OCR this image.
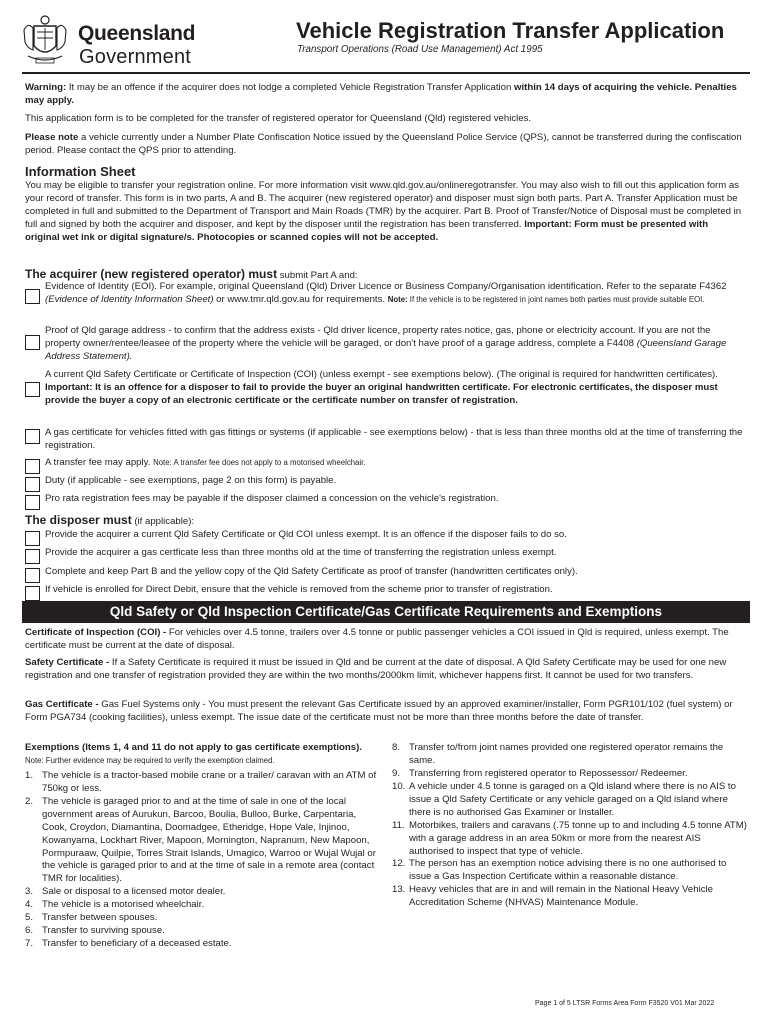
Queensland
Government
Vehicle Registration Transfer Application
Transport Operations (Road Use Management) Act 1995

Warning: It may be an offence if the acquirer does not lodge a completed Vehicle Registration Transfer Application within 14 days of acquiring the vehicle. Penalties may apply.

This application form is to be completed for the transfer of registered operator for Queensland (Qld) registered vehicles.

Please note a vehicle currently under a Number Plate Confiscation Notice issued by the Queensland Police Service (QPS), cannot be transferred during the confiscation period. Please contact the QPS prior to attending.

Information Sheet

You may be eligible to transfer your registration online. For more information visit www.qld.gov.au/onlineregotransfer. You may also wish to fill out this application form as your record of transfer. This form is in two parts, A and B. The acquirer (new registered operator) and disposer must sign both parts. Part A. Transfer Application must be completed in full and submitted to the Department of Transport and Main Roads (TMR) by the acquirer. Part B. Proof of Transfer/Notice of Disposal must be completed in full and signed by both the acquirer and disposer, and kept by the disposer until the registration has been transferred. Important: Form must be presented with original wet ink or digital signature/s. Photocopies or scanned copies will not be accepted.

The acquirer (new registered operator) must submit Part A and:
Evidence of Identity (EOI). For example, original Queensland (Qld) Driver Licence or Business Company/Organisation identification. Refer to the separate F4362 (Evidence of Identity Information Sheet) or www.tmr.qld.gov.au for requirements. Note: If the vehicle is to be registered in joint names both parties must provide suitable EOI.
Proof of Qld garage address - to confirm that the address exists - Qld driver licence, property rates notice, gas, phone or electricity account. If you are not the property owner/rentee/leasee of the property where the vehicle will be garaged, or don't have proof of a garage address, complete a F4408 (Queensland Garage Address Statement).
A current Qld Safety Certificate or Certificate of Inspection (COI) (unless exempt - see exemptions below). (The original is required for handwritten certificates). Important: It is an offence for a disposer to fail to provide the buyer an original handwritten certificate. For electronic certificates, the disposer must provide the buyer a copy of an electronic certificate or the certificate number on transfer of registration.
A gas certificate for vehicles fitted with gas fittings or systems (if applicable - see exemptions below) - that is less than three months old at the time of transferring the registration.
A transfer fee may apply. Note: A transfer fee does not apply to a motorised wheelchair.
Duty (if applicable - see exemptions, page 2 on this form) is payable.
Pro rata registration fees may be payable if the disposer claimed a concession on the vehicle's registration.
The disposer must (if applicable):
Provide the acquirer a current Qld Safety Certificate or Qld COI unless exempt. It is an offence if the disposer fails to do so.
Provide the acquirer a gas certficate less than three months old at the time of transferring the registration unless exempt.
Complete and keep Part B and the yellow copy of the Qld Safety Certificate as proof of transfer (handwritten certificates only).
If vehicle is enrolled for Direct Debit, ensure that the vehicle is removed from the scheme prior to transfer of registration.
Qld Safety or Qld Inspection Certificate/Gas Certificate Requirements and Exemptions

Certificate of Inspection (COI) - For vehicles over 4.5 tonne, trailers over 4.5 tonne or public passenger vehicles a COI issued in Qld is required, unless exempt. The certificate must be current at the date of disposal.

Safety Certificate - If a Safety Certificate is required it must be issued in Qld and be current at the date of disposal. A Qld Safety Certificate may be used for one new registration and one transfer of registration provided they are within the two months/2000km limit, whichever happens first. It cannot be used for two transfers.

Gas Certificate - Gas Fuel Systems only - You must present the relevant Gas Certificate issued by an approved examiner/installer, Form PGR101/102 (fuel system) or Form PGA734 (cooking facilities), unless exempt. The issue date of the certificate must not be more than three months before the date of transfer.

Exemptions (Items 1, 4 and 11 do not apply to gas certificate exemptions). Note: Further evidence may be required to verify the exemption claimed.

1. The vehicle is a tractor-based mobile crane or a trailer/ caravan with an ATM of 750kg or less.
2. The vehicle is garaged prior to and at the time of sale in one of the local government areas of Aurukun, Barcoo, Boulia, Bulloo, Burke, Carpentaria, Cook, Croydon, Diamantina, Doomadgee, Etheridge, Hope Vale, Injinoo, Kowanyama, Lockhart River, Mapoon, Mornington, Napranum, New Mapoon, Pormpuraaw, Quilpie, Torres Strait Islands, Umagico, Warroo or Wujal Wujal or the vehicle is garaged prior to and at the time of sale in a remote area (contact TMR for localities).
3. Sale or disposal to a licensed motor dealer.
4. The vehicle is a motorised wheelchair.
5. Transfer between spouses.
6. Transfer to surviving spouse.
7. Transfer to beneficiary of a deceased estate.
8. Transfer to/from joint names provided one registered operator remains the same.
9. Transferring from registered operator to Repossessor/ Redeemer.
10. A vehicle under 4.5 tonne is garaged on a Qld island where there is no AIS to issue a Qld Safety Certificate or any vehicle garaged on a Qld island where there is no authorised Gas Examiner or Installer.
11. Motorbikes, trailers and caravans (.75 tonne up to and including 4.5 tonne ATM) with a garage address in an area 50km or more from the nearest AIS authorised to inspect that type of vehicle.
12. The person has an exemption notice advising there is no one authorised to issue a Gas Inspection Certificate within a reasonable distance.
13. Heavy vehicles that are in and will remain in the National Heavy Vehicle Accreditation Scheme (NHVAS) Maintenance Module.
Page 1 of 5 LTSR Forms Area Form F3520 V01 Mar 2022
